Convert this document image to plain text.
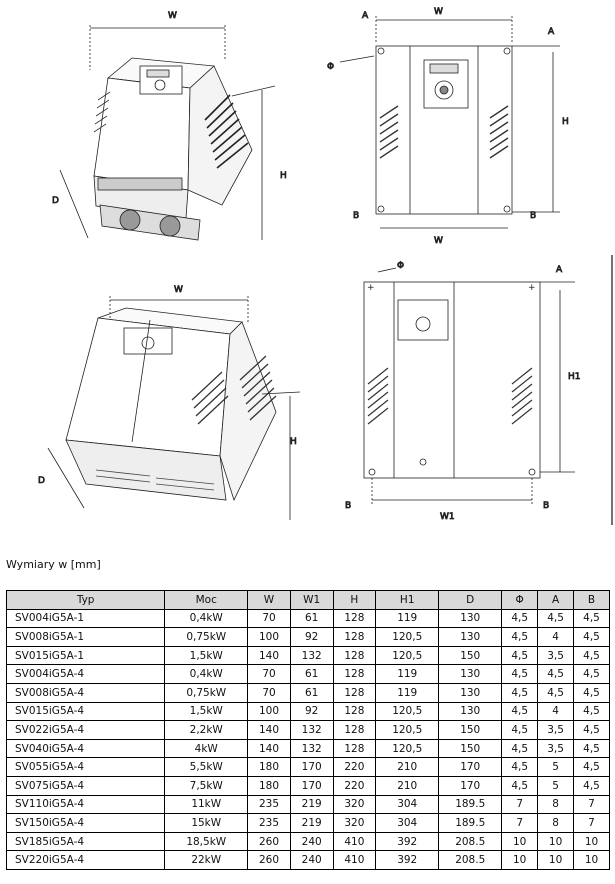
W
H
D
A	W
A
Φ
H
B
W
B
W
H
D
+	+
Φ	A
H1
B
W1
B
Wymiary w [mm]
Typ	Moc	W	W1	H	H1	D	Φ	A	B
SV004iG5A-1	0,4kW	70	61	128	119	130	4,5	4,5	4,5
SV008iG5A-1	0,75kW	100	92	128	120,5	130	4,5	4	4,5
SV015iG5A-1	1,5kW	140	132	128	120,5	150	4,5	3,5	4,5
SV004iG5A-4	0,4kW	70	61	128	119	130	4,5	4,5	4,5
SV008iG5A-4	0,75kW	70	61	128	119	130	4,5	4,5	4,5
SV015iG5A-4	1,5kW	100	92	128	120,5	130	4,5	4	4,5
SV022iG5A-4	2,2kW	140	132	128	120,5	150	4,5	3,5	4,5
SV040iG5A-4	4kW	140	132	128	120,5	150	4,5	3,5	4,5
SV055iG5A-4	5,5kW	180	170	220	210	170	4,5	5	4,5
SV075iG5A-4	7,5kW	180	170	220	210	170	4,5	5	4,5
SV110iG5A-4	11kW	235	219	320	304	189.5	7	8	7
SV150iG5A-4	15kW	235	219	320	304	189.5	7	8	7
SV185iG5A-4	18,5kW	260	240	410	392	208.5	10	10	10
SV220iG5A-4	22kW	260	240	410	392	208.5	10	10	10
